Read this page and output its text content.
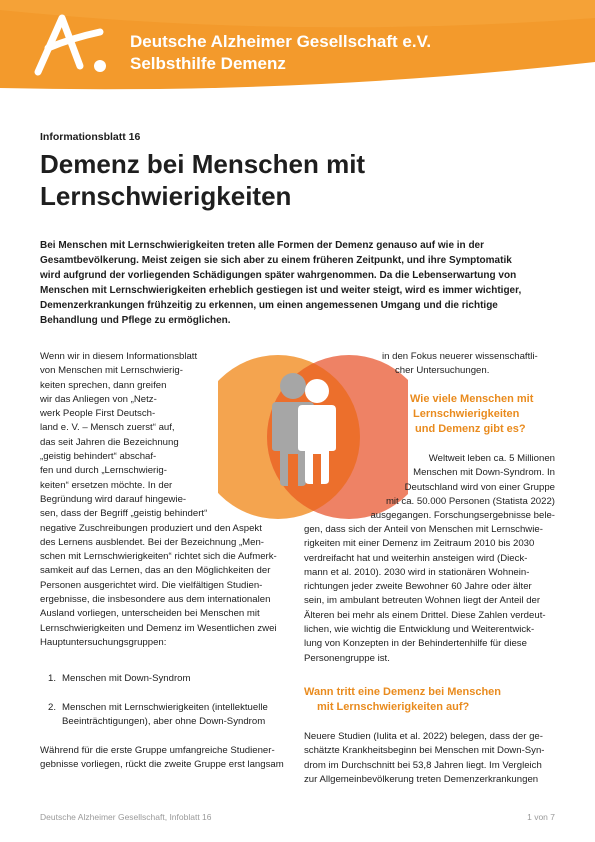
Deutsche Alzheimer Gesellschaft e.V.
Selbsthilfe Demenz
Informationsblatt 16
Demenz bei Menschen mit
Lernschwierigkeiten
Bei Menschen mit Lernschwierigkeiten treten alle Formen der Demenz genauso auf wie in der
Gesamtbevölkerung. Meist zeigen sie sich aber zu einem früheren Zeitpunkt, und ihre Symptomatik
wird aufgrund der vorliegenden Schädigungen später wahrgenommen. Da die Lebenserwartung von
Menschen mit Lernschwierigkeiten erheblich gestiegen ist und weiter steigt, wird es immer wichtiger,
Demenzerkrankungen frühzeitig zu erkennen, um einen angemessenen Umgang und die richtige
Behandlung und Pflege zu ermöglichen.
Wenn wir in diesem Informationsblatt
von Menschen mit Lernschwierig-
keiten sprechen, dann greifen
wir das Anliegen von „Netz-
werk People First Deutsch-
land e. V. – Mensch zuerst“ auf,
das seit Jahren die Bezeichnung
„geistig behindert“ abschaf-
fen und durch „Lernschwierig-
keiten“ ersetzen möchte. In der
Begründung wird darauf hingewie-
sen, dass der Begriff „geistig behindert“
negative Zuschreibungen produziert und den Aspekt
des Lernens ausblendet. Bei der Bezeichnung „Men-
schen mit Lernschwierigkeiten“ richtet sich die Aufmerk-
samkeit auf das Lernen, das an den Möglichkeiten der
Personen ausgerichtet wird. Die vielfältigen Studien-
ergebnisse, die insbesondere aus dem internationalen
Ausland vorliegen, unterscheiden bei Menschen mit
Lernschwierigkeiten und Demenz im Wesentlichen zwei
Hauptuntersuchungsgruppen:
1. Menschen mit Down-Syndrom
2. Menschen mit Lernschwierigkeiten (intellektuelle
Beeinträchtigungen), aber ohne Down-Syndrom
Während für die erste Gruppe umfangreiche Studiener-
gebnisse vorliegen, rückt die zweite Gruppe erst langsam
in den Fokus neuerer wissenschaftli-
cher Untersuchungen.
Wie viele Menschen mit
Lernschwierigkeiten
und Demenz gibt es?
Weltweit leben ca. 5 Millionen
Menschen mit Down-Syndrom. In
Deutschland wird von einer Gruppe
mit ca. 50.000 Personen (Statista 2022)
ausgegangen. Forschungsergebnisse bele-
gen, dass sich der Anteil von Menschen mit Lernschwie-
rigkeiten mit einer Demenz im Zeitraum 2010 bis 2030
verdreifacht hat und weiterhin ansteigen wird (Dieck-
mann et al. 2010). 2030 wird in stationären Wohnein-
richtungen jeder zweite Bewohner 60 Jahre oder älter
sein, im ambulant betreuten Wohnen liegt der Anteil der
Älteren bei mehr als einem Drittel. Diese Zahlen verdeut-
lichen, wie wichtig die Entwicklung und Weiterentwick-
lung von Konzepten in der Behindertenhilfe für diese
Personengruppe ist.
Wann tritt eine Demenz bei Menschen
mit Lernschwierigkeiten auf?
Neuere Studien (Iulita et al. 2022) belegen, dass der ge-
schätzte Krankheitsbeginn bei Menschen mit Down-Syn-
drom im Durchschnitt bei 53,8 Jahren liegt. Im Vergleich
zur Allgemeinbevölkerung treten Demenzerkrankungen
Deutsche Alzheimer Gesellschaft, Infoblatt 16	1 von 7
